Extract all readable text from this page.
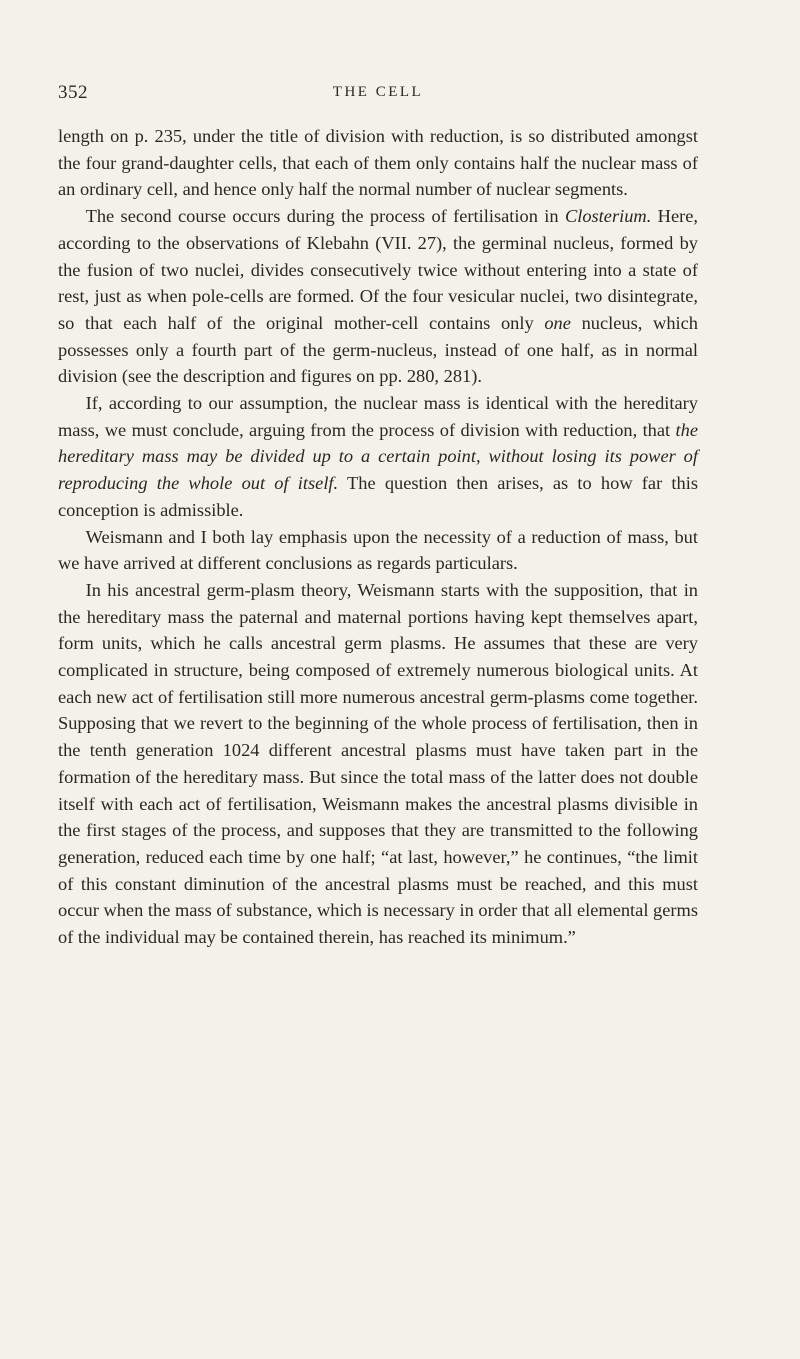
352	THE CELL

length on p. 235, under the title of division with reduction, is so distributed amongst the four grand-daughter cells, that each of them only contains half the nuclear mass of an ordinary cell, and hence only half the normal number of nuclear segments.

The second course occurs during the process of fertilisation in Closterium. Here, according to the observations of Klebahn (VII. 27), the germinal nucleus, formed by the fusion of two nuclei, divides consecutively twice without entering into a state of rest, just as when pole-cells are formed. Of the four vesicular nuclei, two disintegrate, so that each half of the original mother-cell contains only one nucleus, which possesses only a fourth part of the germ-nucleus, instead of one half, as in normal division (see the description and figures on pp. 280, 281).

If, according to our assumption, the nuclear mass is identical with the hereditary mass, we must conclude, arguing from the process of division with reduction, that the hereditary mass may be divided up to a certain point, without losing its power of reproducing the whole out of itself. The question then arises, as to how far this conception is admissible.

Weismann and I both lay emphasis upon the necessity of a reduction of mass, but we have arrived at different conclusions as regards particulars.

In his ancestral germ-plasm theory, Weismann starts with the supposition, that in the hereditary mass the paternal and maternal portions having kept themselves apart, form units, which he calls ancestral germ plasms. He assumes that these are very complicated in structure, being composed of extremely numerous biological units. At each new act of fertilisation still more numerous ancestral germ-plasms come together. Supposing that we revert to the beginning of the whole process of fertilisation, then in the tenth generation 1024 different ancestral plasms must have taken part in the formation of the hereditary mass. But since the total mass of the latter does not double itself with each act of fertilisation, Weismann makes the ancestral plasms divisible in the first stages of the process, and supposes that they are transmitted to the following generation, reduced each time by one half; “at last, however,” he continues, “the limit of this constant diminution of the ancestral plasms must be reached, and this must occur when the mass of substance, which is necessary in order that all elemental germs of the individual may be contained therein, has reached its minimum.”
